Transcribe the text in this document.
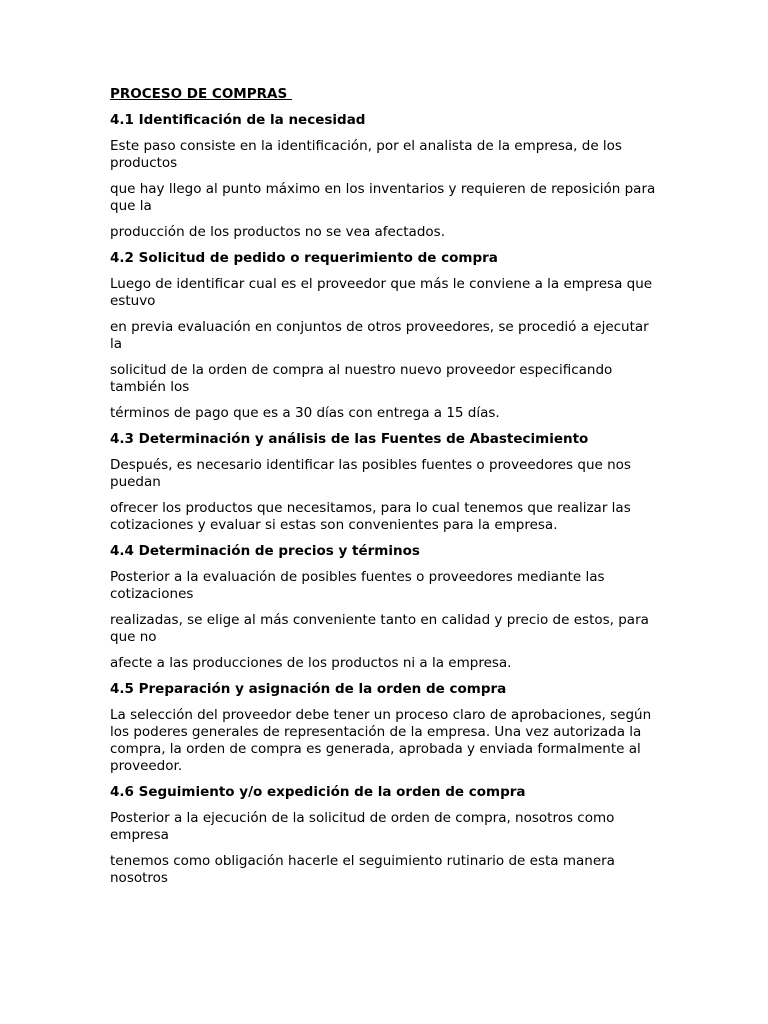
PROCESO DE COMPRAS
4.1 Identificación de la necesidad
Este paso consiste en la identificación, por el analista de la empresa, de los productos
que hay llego al punto máximo en los inventarios y requieren de reposición para que la
producción de los productos no se vea afectados.
4.2 Solicitud de pedido o requerimiento de compra
Luego de identificar cual es el proveedor que más le conviene a la empresa que estuvo
en previa evaluación en conjuntos de otros proveedores, se procedió a ejecutar la
solicitud de la orden de compra al nuestro nuevo proveedor especificando también los
términos de pago que es a 30 días con entrega a 15 días.
4.3 Determinación y análisis de las Fuentes de Abastecimiento
Después, es necesario identificar las posibles fuentes o proveedores que nos puedan
ofrecer los productos que necesitamos, para lo cual tenemos que realizar las cotizaciones y evaluar si estas son convenientes para la empresa.
4.4 Determinación de precios y términos
Posterior a la evaluación de posibles fuentes o proveedores mediante las cotizaciones
realizadas, se elige al más conveniente tanto en calidad y precio de estos, para que no
afecte a las producciones de los productos ni a la empresa.
4.5 Preparación y asignación de la orden de compra
La selección del proveedor debe tener un proceso claro de aprobaciones, según los poderes generales de representación de la empresa. Una vez autorizada la compra, la orden de compra es generada, aprobada y enviada formalmente al proveedor.
4.6 Seguimiento y/o expedición de la orden de compra
Posterior a la ejecución de la solicitud de orden de compra, nosotros como empresa
tenemos como obligación hacerle el seguimiento rutinario de esta manera nosotros
